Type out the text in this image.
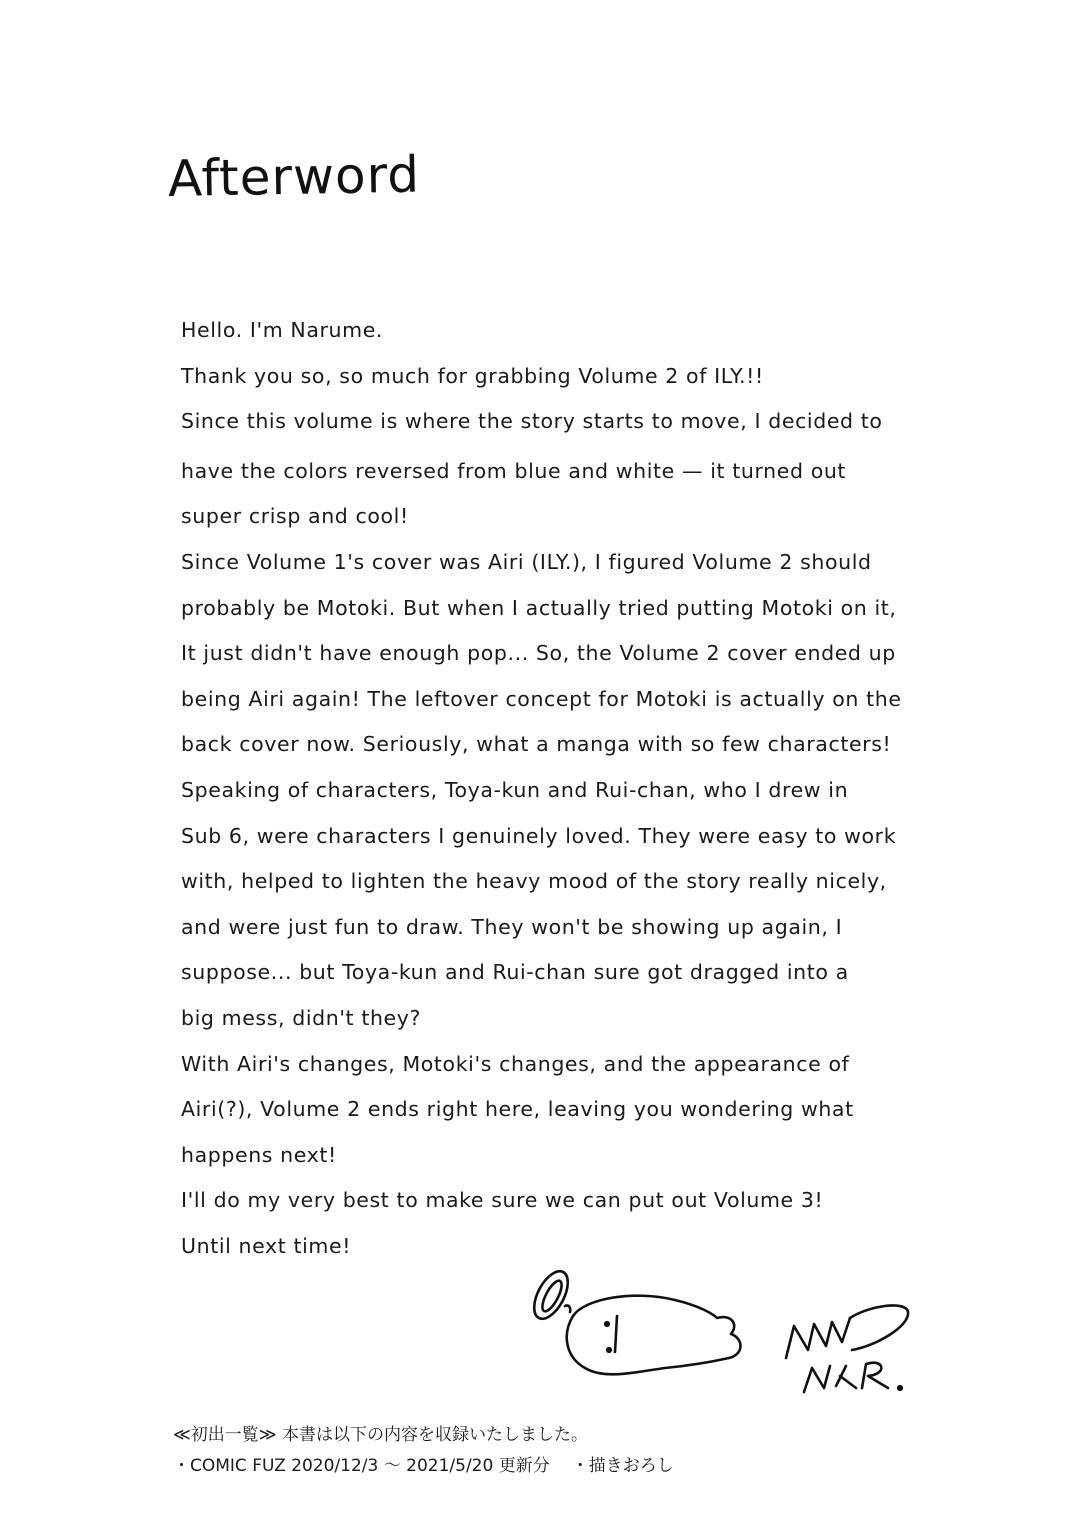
Afterword
Hello. I'm Narume.
Thank you so, so much for grabbing Volume 2 of ILY.!!
Since this volume is where the story starts to move, I decided to
have the colors reversed from blue and white — it turned out
super crisp and cool!
Since Volume 1's cover was Airi (ILY.), I figured Volume 2 should
probably be Motoki. But when I actually tried putting Motoki on it,
It just didn't have enough pop... So, the Volume 2 cover ended up
being Airi again! The leftover concept for Motoki is actually on the
back cover now. Seriously, what a manga with so few characters!
Speaking of characters, Toya-kun and Rui-chan, who I drew in
Sub 6, were characters I genuinely loved. They were easy to work
with, helped to lighten the heavy mood of the story really nicely,
and were just fun to draw. They won't be showing up again, I
suppose... but Toya-kun and Rui-chan sure got dragged into a
big mess, didn't they?
With Airi's changes, Motoki's changes, and the appearance of
Airi(?), Volume 2 ends right here, leaving you wondering what
happens next!
I'll do my very best to make sure we can put out Volume 3!
Until next time!
≪初出一覧≫ 本書は以下の内容を収録いたしました。
・COMIC FUZ 2020/12/3 〜 2021/5/20 更新分 ・描きおろし
